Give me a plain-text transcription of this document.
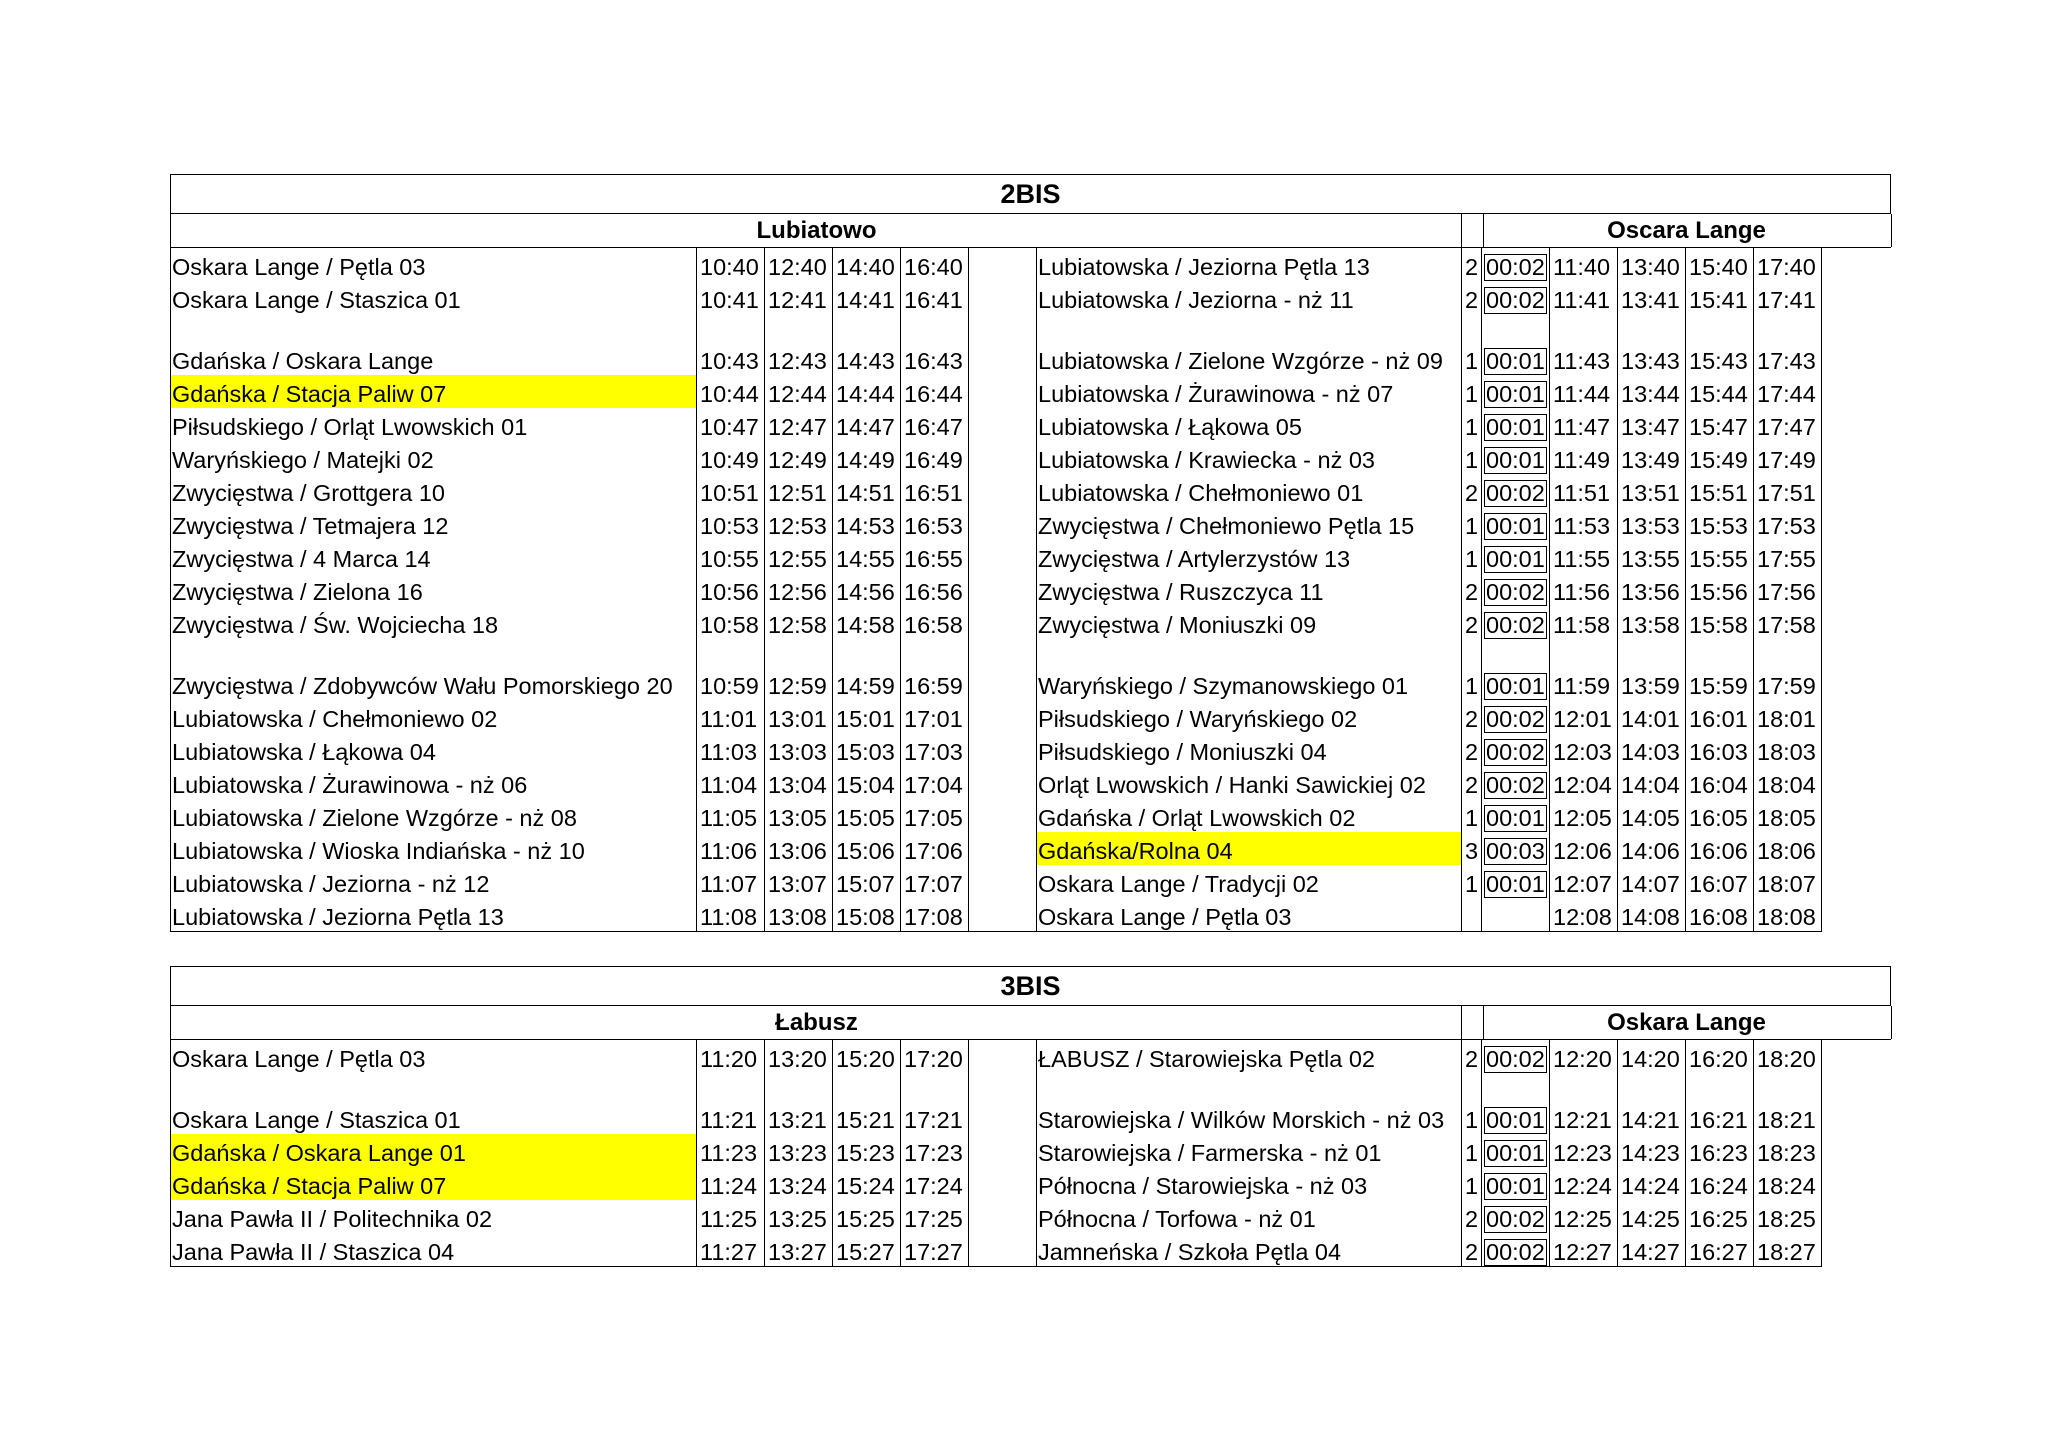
2BIS
Lubiatowo	Oscara Lange
Oskara Lange / Pętla 03	10:40	12:40	14:40	16:40		Lubiatowska / Jeziorna Pętla 13	2	00:02	11:40	13:40	15:40	17:40
Oskara Lange / Staszica 01	10:41	12:41	14:41	16:41		Lubiatowska / Jeziorna - nż 11	2	00:02	11:41	13:41	15:41	17:41
Gdańska / Oskara Lange	10:43	12:43	14:43	16:43		Lubiatowska / Zielone Wzgórze - nż 09	1	00:01	11:43	13:43	15:43	17:43
Gdańska / Stacja Paliw 07	10:44	12:44	14:44	16:44		Lubiatowska / Żurawinowa - nż 07	1	00:01	11:44	13:44	15:44	17:44
Piłsudskiego / Orląt Lwowskich 01	10:47	12:47	14:47	16:47		Lubiatowska / Łąkowa 05	1	00:01	11:47	13:47	15:47	17:47
Waryńskiego / Matejki 02	10:49	12:49	14:49	16:49		Lubiatowska / Krawiecka - nż 03	1	00:01	11:49	13:49	15:49	17:49
Zwycięstwa / Grottgera 10	10:51	12:51	14:51	16:51		Lubiatowska / Chełmoniewo 01	2	00:02	11:51	13:51	15:51	17:51
Zwycięstwa / Tetmajera 12	10:53	12:53	14:53	16:53		Zwycięstwa / Chełmoniewo Pętla 15	1	00:01	11:53	13:53	15:53	17:53
Zwycięstwa / 4 Marca 14	10:55	12:55	14:55	16:55		Zwycięstwa / Artylerzystów 13	1	00:01	11:55	13:55	15:55	17:55
Zwycięstwa / Zielona 16	10:56	12:56	14:56	16:56		Zwycięstwa / Ruszczyca 11	2	00:02	11:56	13:56	15:56	17:56
Zwycięstwa / Św. Wojciecha 18	10:58	12:58	14:58	16:58		Zwycięstwa / Moniuszki 09	2	00:02	11:58	13:58	15:58	17:58
Zwycięstwa / Zdobywców Wału Pomorskiego 20	10:59	12:59	14:59	16:59		Waryńskiego / Szymanowskiego 01	1	00:01	11:59	13:59	15:59	17:59
Lubiatowska / Chełmoniewo 02	11:01	13:01	15:01	17:01		Piłsudskiego / Waryńskiego 02	2	00:02	12:01	14:01	16:01	18:01
Lubiatowska / Łąkowa 04	11:03	13:03	15:03	17:03		Piłsudskiego / Moniuszki 04	2	00:02	12:03	14:03	16:03	18:03
Lubiatowska / Żurawinowa - nż 06	11:04	13:04	15:04	17:04		Orląt Lwowskich / Hanki Sawickiej 02	2	00:02	12:04	14:04	16:04	18:04
Lubiatowska / Zielone Wzgórze - nż 08	11:05	13:05	15:05	17:05		Gdańska / Orląt Lwowskich 02	1	00:01	12:05	14:05	16:05	18:05
Lubiatowska / Wioska Indiańska - nż 10	11:06	13:06	15:06	17:06		Gdańska/Rolna 04	3	00:03	12:06	14:06	16:06	18:06
Lubiatowska / Jeziorna - nż 12	11:07	13:07	15:07	17:07		Oskara Lange / Tradycji 02	1	00:01	12:07	14:07	16:07	18:07
Lubiatowska / Jeziorna Pętla 13	11:08	13:08	15:08	17:08		Oskara Lange / Pętla 03			12:08	14:08	16:08	18:08
3BIS
Łabusz	Oskara Lange
Oskara Lange / Pętla 03	11:20	13:20	15:20	17:20		ŁABUSZ / Starowiejska Pętla 02	2	00:02	12:20	14:20	16:20	18:20
Oskara Lange / Staszica 01	11:21	13:21	15:21	17:21		Starowiejska / Wilków Morskich - nż 03	1	00:01	12:21	14:21	16:21	18:21
Gdańska / Oskara Lange 01	11:23	13:23	15:23	17:23		Starowiejska / Farmerska - nż 01	1	00:01	12:23	14:23	16:23	18:23
Gdańska / Stacja Paliw 07	11:24	13:24	15:24	17:24		Północna / Starowiejska - nż 03	1	00:01	12:24	14:24	16:24	18:24
Jana Pawła II / Politechnika 02	11:25	13:25	15:25	17:25		Północna / Torfowa - nż 01	2	00:02	12:25	14:25	16:25	18:25
Jana Pawła II / Staszica 04	11:27	13:27	15:27	17:27		Jamneńska / Szkoła Pętla 04	2	00:02	12:27	14:27	16:27	18:27
